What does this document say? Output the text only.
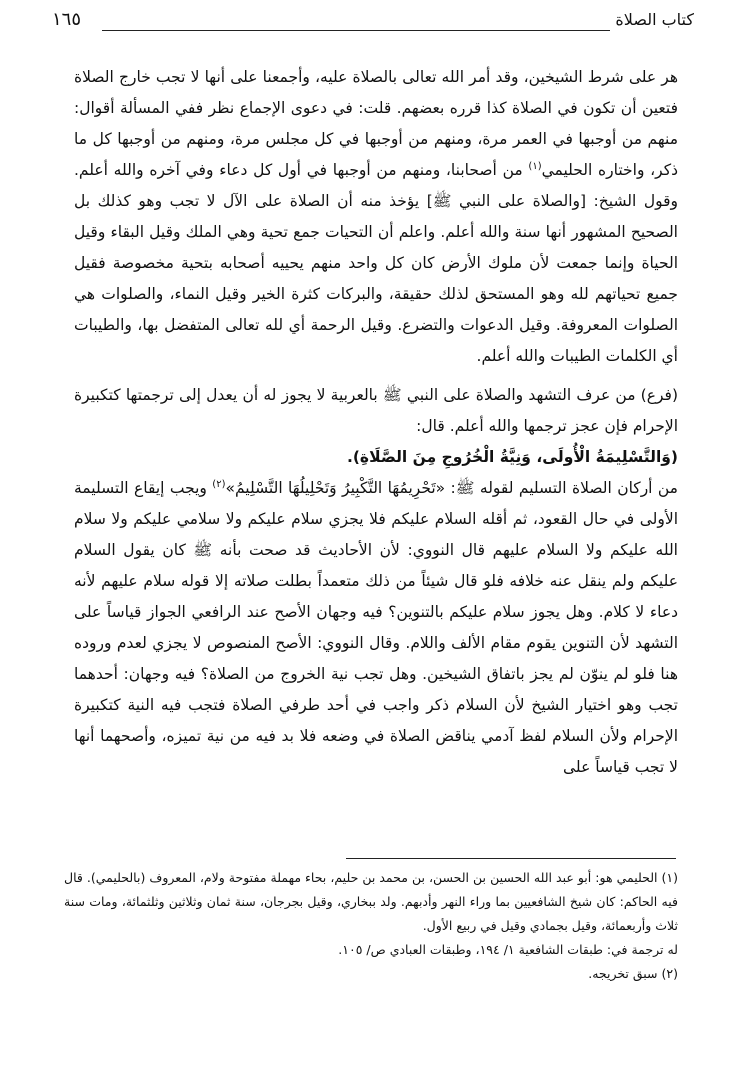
كتاب الصلاة
١٦٥

هر على شرط الشيخين، وقد أمر الله تعالى بالصلاة عليه، وأجمعنا على أنها لا تجب خارج الصلاة فتعين أن تكون في الصلاة كذا قرره بعضهم. قلت: في دعوى الإجماع نظر ففي المسألة أقوال: منهم من أوجبها في العمر مرة، ومنهم من أوجبها في كل مجلس مرة، ومنهم من أوجبها كل ما ذكر، واختاره الحليمي$^{(١)}$ من أصحابنا، ومنهم من أوجبها في أول كل دعاء وفي آخره والله أعلم. وقول الشيخ: [والصلاة على النبي ﷺ] يؤخذ منه أن الصلاة على الآل لا تجب وهو كذلك بل الصحيح المشهور أنها سنة والله أعلم. واعلم أن التحيات جمع تحية وهي الملك وقيل البقاء وقيل الحياة وإنما جمعت لأن ملوك الأرض كان كل واحد منهم يحييه أصحابه بتحية مخصوصة فقيل جميع تحياتهم لله وهو المستحق لذلك حقيقة، والبركات كثرة الخير وقيل النماء، والصلوات هي الصلوات المعروفة. وقيل الدعوات والتضرع. وقيل الرحمة أي لله تعالى المتفضل بها، والطيبات أي الكلمات الطيبات والله أعلم.

(فرع) من عرف التشهد والصلاة على النبي ﷺ بالعربية لا يجوز له أن يعدل إلى ترجمتها كتكبيرة الإحرام فإن عجز ترجمها والله أعلم. قال:

(وَالتَّسْلِيمَةُ الْأُولَى، وَنِيَّةُ الْخُرُوجِ مِنَ الصَّلَاةِ).

من أركان الصلاة التسليم لقوله ﷺ: «تَحْرِيمُهَا التَّكْبِيرُ وَتَحْلِيلُهَا التَّسْلِيمُ»$^{(٢)}$ ويجب إيقاع التسليمة الأولى في حال القعود، ثم أقله السلام عليكم فلا يجزي سلام عليكم ولا سلامي عليكم ولا سلام الله عليكم ولا السلام عليهم قال النووي: لأن الأحاديث قد صحت بأنه ﷺ كان يقول السلام عليكم ولم ينقل عنه خلافه فلو قال شيئاً من ذلك متعمداً بطلت صلاته إلا قوله سلام عليهم لأنه دعاء لا كلام. وهل يجوز سلام عليكم بالتنوين؟ فيه وجهان الأصح عند الرافعي الجواز قياساً على التشهد لأن التنوين يقوم مقام الألف واللام. وقال النووي: الأصح المنصوص لا يجزي لعدم وروده هنا فلو لم ينوّن لم يجز باتفاق الشيخين. وهل تجب نية الخروج من الصلاة؟ فيه وجهان: أحدهما تجب وهو اختيار الشيخ لأن السلام ذكر واجب في أحد طرفي الصلاة فتجب فيه النية كتكبيرة الإحرام ولأن السلام لفظ آدمي يناقض الصلاة في وضعه فلا بد فيه من نية تميزه، وأصحهما أنها لا تجب قياساً على

(١) الحليمي هو: أبو عبد الله الحسين بن الحسن، بن محمد بن حليم، بحاء مهملة مفتوحة ولام، المعروف (بالحليمي). قال فيه الحاكم: كان شيخ الشافعيين بما وراء النهر وأدبهم. ولد ببخاري، وقيل بجرجان، سنة ثمان وثلاثين وثلثمائة، ومات سنة ثلاث وأربعمائة، وقيل بجمادي وقيل في ربيع الأول.

له ترجمة في: طبقات الشافعية ١/ ١٩٤، وطبقات العبادي ص/ ١٠٥.

(٢) سبق تخريجه.
